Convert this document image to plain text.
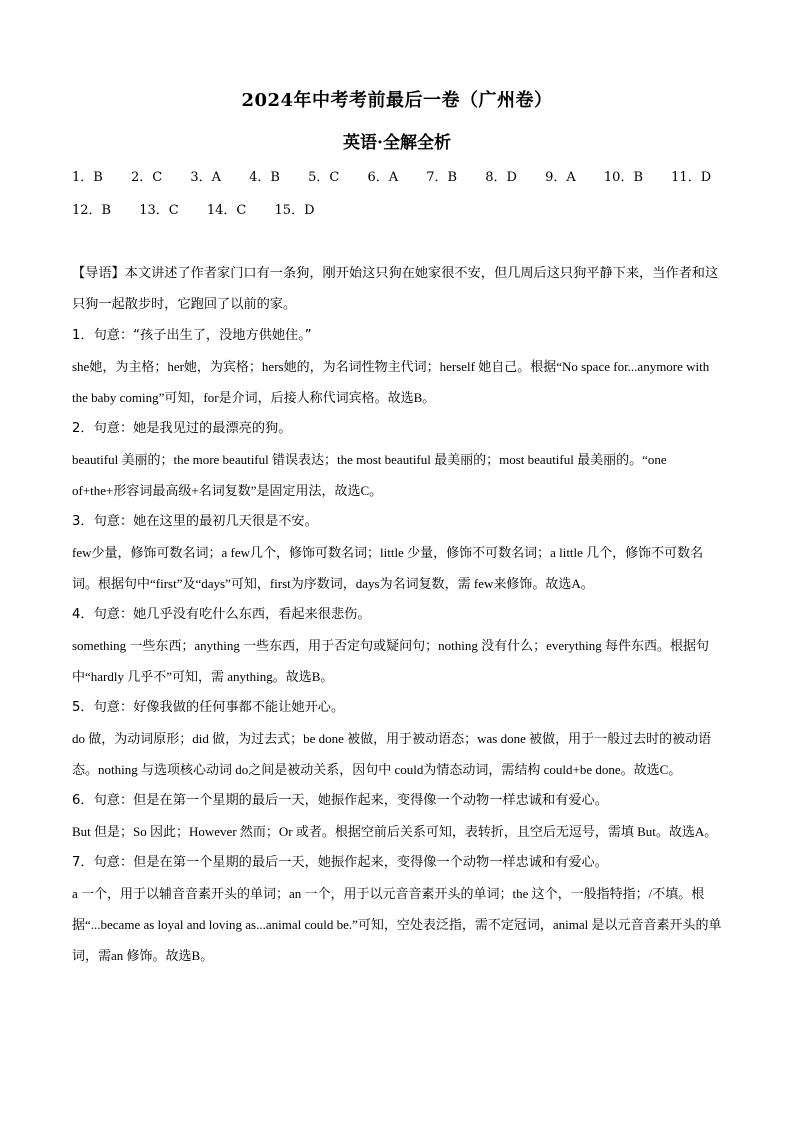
2024年中考考前最后一卷（广州卷）
英语·全解全析
1．B 2．C 3．A 4．B 5．C 6．A 7．B 8．D 9．A 10．B 11．D
12．B 13．C 14．C 15．D

【导语】本文讲述了作者家门口有一条狗，刚开始这只狗在她家很不安，但几周后这只狗平静下来，当作者和这只狗一起散步时，它跑回了以前的家。

1．句意：“孩子出生了，没地方供她住。”

she她，为主格；her她，为宾格；hers她的，为名词性物主代词；herself 她自己。根据“No space for...anymore with the baby coming”可知，for是介词，后接人称代词宾格。故选B。

2．句意：她是我见过的最漂亮的狗。

beautiful 美丽的；the more beautiful 错误表达；the most beautiful 最美丽的；most beautiful 最美丽的。“one of+the+形容词最高级+名词复数”是固定用法，故选C。

3．句意：她在这里的最初几天很是不安。

few少量，修饰可数名词；a few几个，修饰可数名词；little 少量，修饰不可数名词；a little 几个，修饰不可数名词。根据句中“first”及“days”可知，first为序数词，days为名词复数，需 few来修饰。故选A。

4．句意：她几乎没有吃什么东西，看起来很悲伤。

something 一些东西；anything 一些东西，用于否定句或疑问句；nothing 没有什么；everything 每件东西。根据句中“hardly 几乎不”可知，需 anything。故选B。

5．句意：好像我做的任何事都不能让她开心。

do 做，为动词原形；did 做，为过去式；be done 被做，用于被动语态；was done 被做，用于一般过去时的被动语态。nothing 与选项核心动词 do之间是被动关系，因句中 could为情态动词，需结构 could+be done。故选C。

6．句意：但是在第一个星期的最后一天，她振作起来，变得像一个动物一样忠诚和有爱心。

But 但是；So 因此；However 然而；Or 或者。根据空前后关系可知，表转折，且空后无逗号，需填 But。故选A。

7．句意：但是在第一个星期的最后一天，她振作起来，变得像一个动物一样忠诚和有爱心。

a 一个，用于以辅音音素开头的单词；an 一个，用于以元音音素开头的单词；the 这个，一般指特指；/不填。根据“...became as loyal and loving as...animal could be.”可知，空处表泛指，需不定冠词，animal 是以元音音素开头的单词，需an 修饰。故选B。
